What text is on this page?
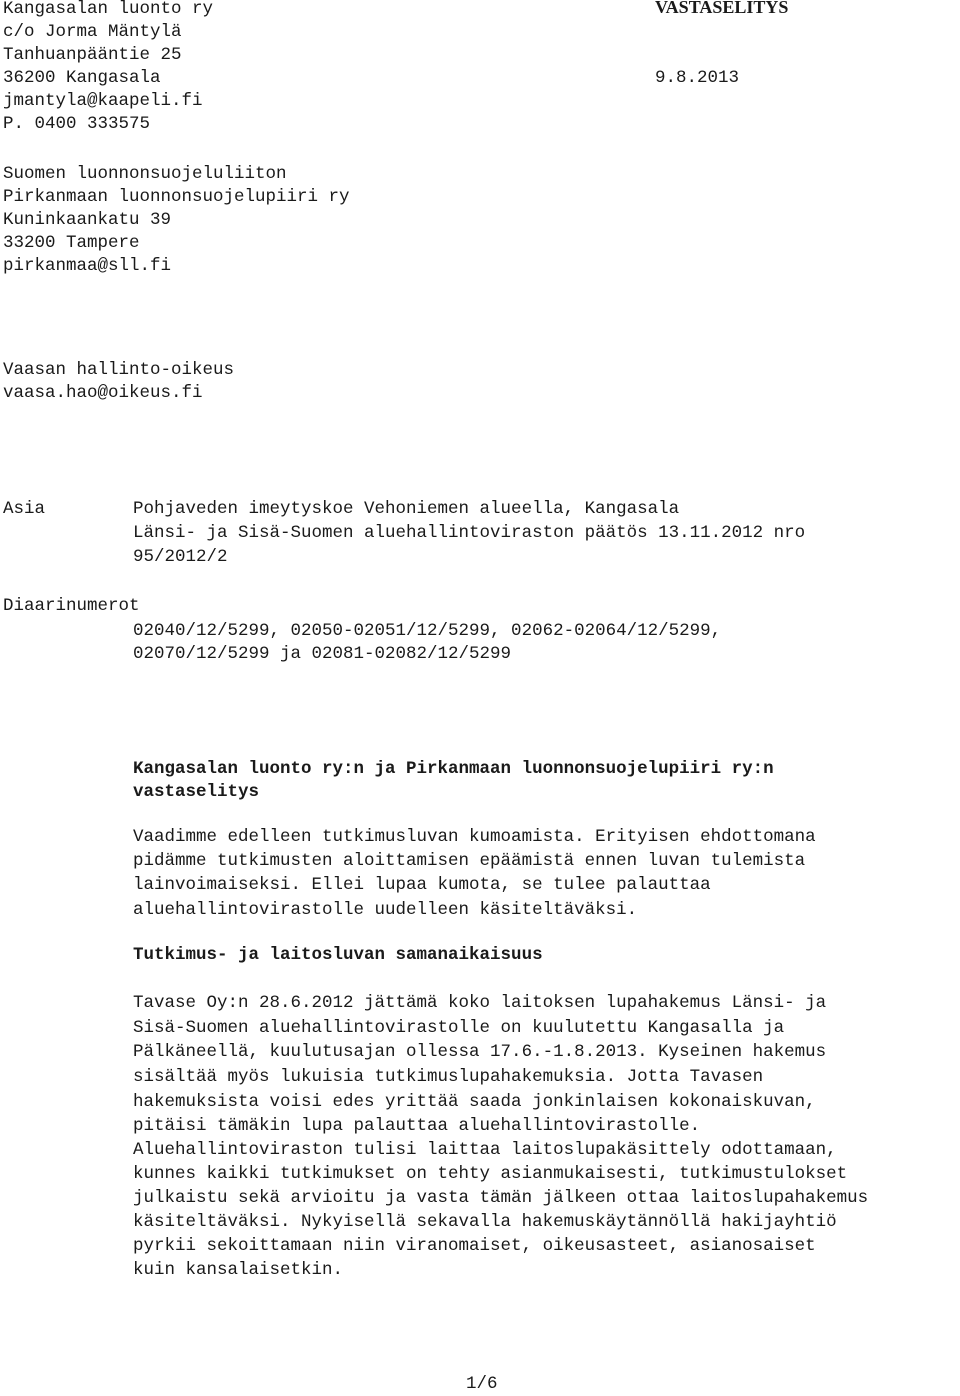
Kangasalan luonto ry
c/o Jorma Mäntylä
Tanhuanpääntie 25
36200 Kangasala
jmantyla@kaapeli.fi
P. 0400 333575
VASTASELITYS
9.8.2013
Suomen luonnonsuojeluliiton
Pirkanmaan luonnonsuojelupiiri ry
Kuninkaankatu 39
33200 Tampere
pirkanmaa@sll.fi
Vaasan hallinto-oikeus
vaasa.hao@oikeus.fi
Asia	Pohjaveden imeytyskoe Vehoniemen alueella, Kangasala
Länsi- ja Sisä-Suomen aluehallintoviraston päätös 13.11.2012 nro
95/2012/2
Diaarinumerot
02040/12/5299, 02050-02051/12/5299, 02062-02064/12/5299,
02070/12/5299 ja 02081-02082/12/5299
Kangasalan luonto ry:n ja Pirkanmaan luonnonsuojelupiiri ry:n
vastaselitys
Vaadimme edelleen tutkimusluvan kumoamista. Erityisen ehdottomana
pidämme tutkimusten aloittamisen epäämistä ennen luvan tulemista
lainvoimaiseksi. Ellei lupaa kumota, se tulee palauttaa
aluehallintovirastolle uudelleen käsiteltäväksi.
Tutkimus- ja laitosluvan samanaikaisuus
Tavase Oy:n 28.6.2012 jättämä koko laitoksen lupahakemus Länsi- ja
Sisä-Suomen aluehallintovirastolle on kuulutettu Kangasalla ja
Pälkäneellä, kuulutusajan ollessa 17.6.-1.8.2013. Kyseinen hakemus
sisältää myös lukuisia tutkimuslupahakemuksia. Jotta Tavasen
hakemuksista voisi edes yrittää saada jonkinlaisen kokonaiskuvan,
pitäisi tämäkin lupa palauttaa aluehallintovirastolle.
Aluehallintoviraston tulisi laittaa laitoslupakäsittely odottamaan,
kunnes kaikki tutkimukset on tehty asianmukaisesti, tutkimustulokset
julkaistu sekä arvioitu ja vasta tämän jälkeen ottaa laitoslupahakemus
käsiteltäväksi. Nykyisellä sekavalla hakemuskäytännöllä hakijayhtiö
pyrkii sekoittamaan niin viranomaiset, oikeusasteet, asianosaiset
kuin kansalaisetkin.
1/6
